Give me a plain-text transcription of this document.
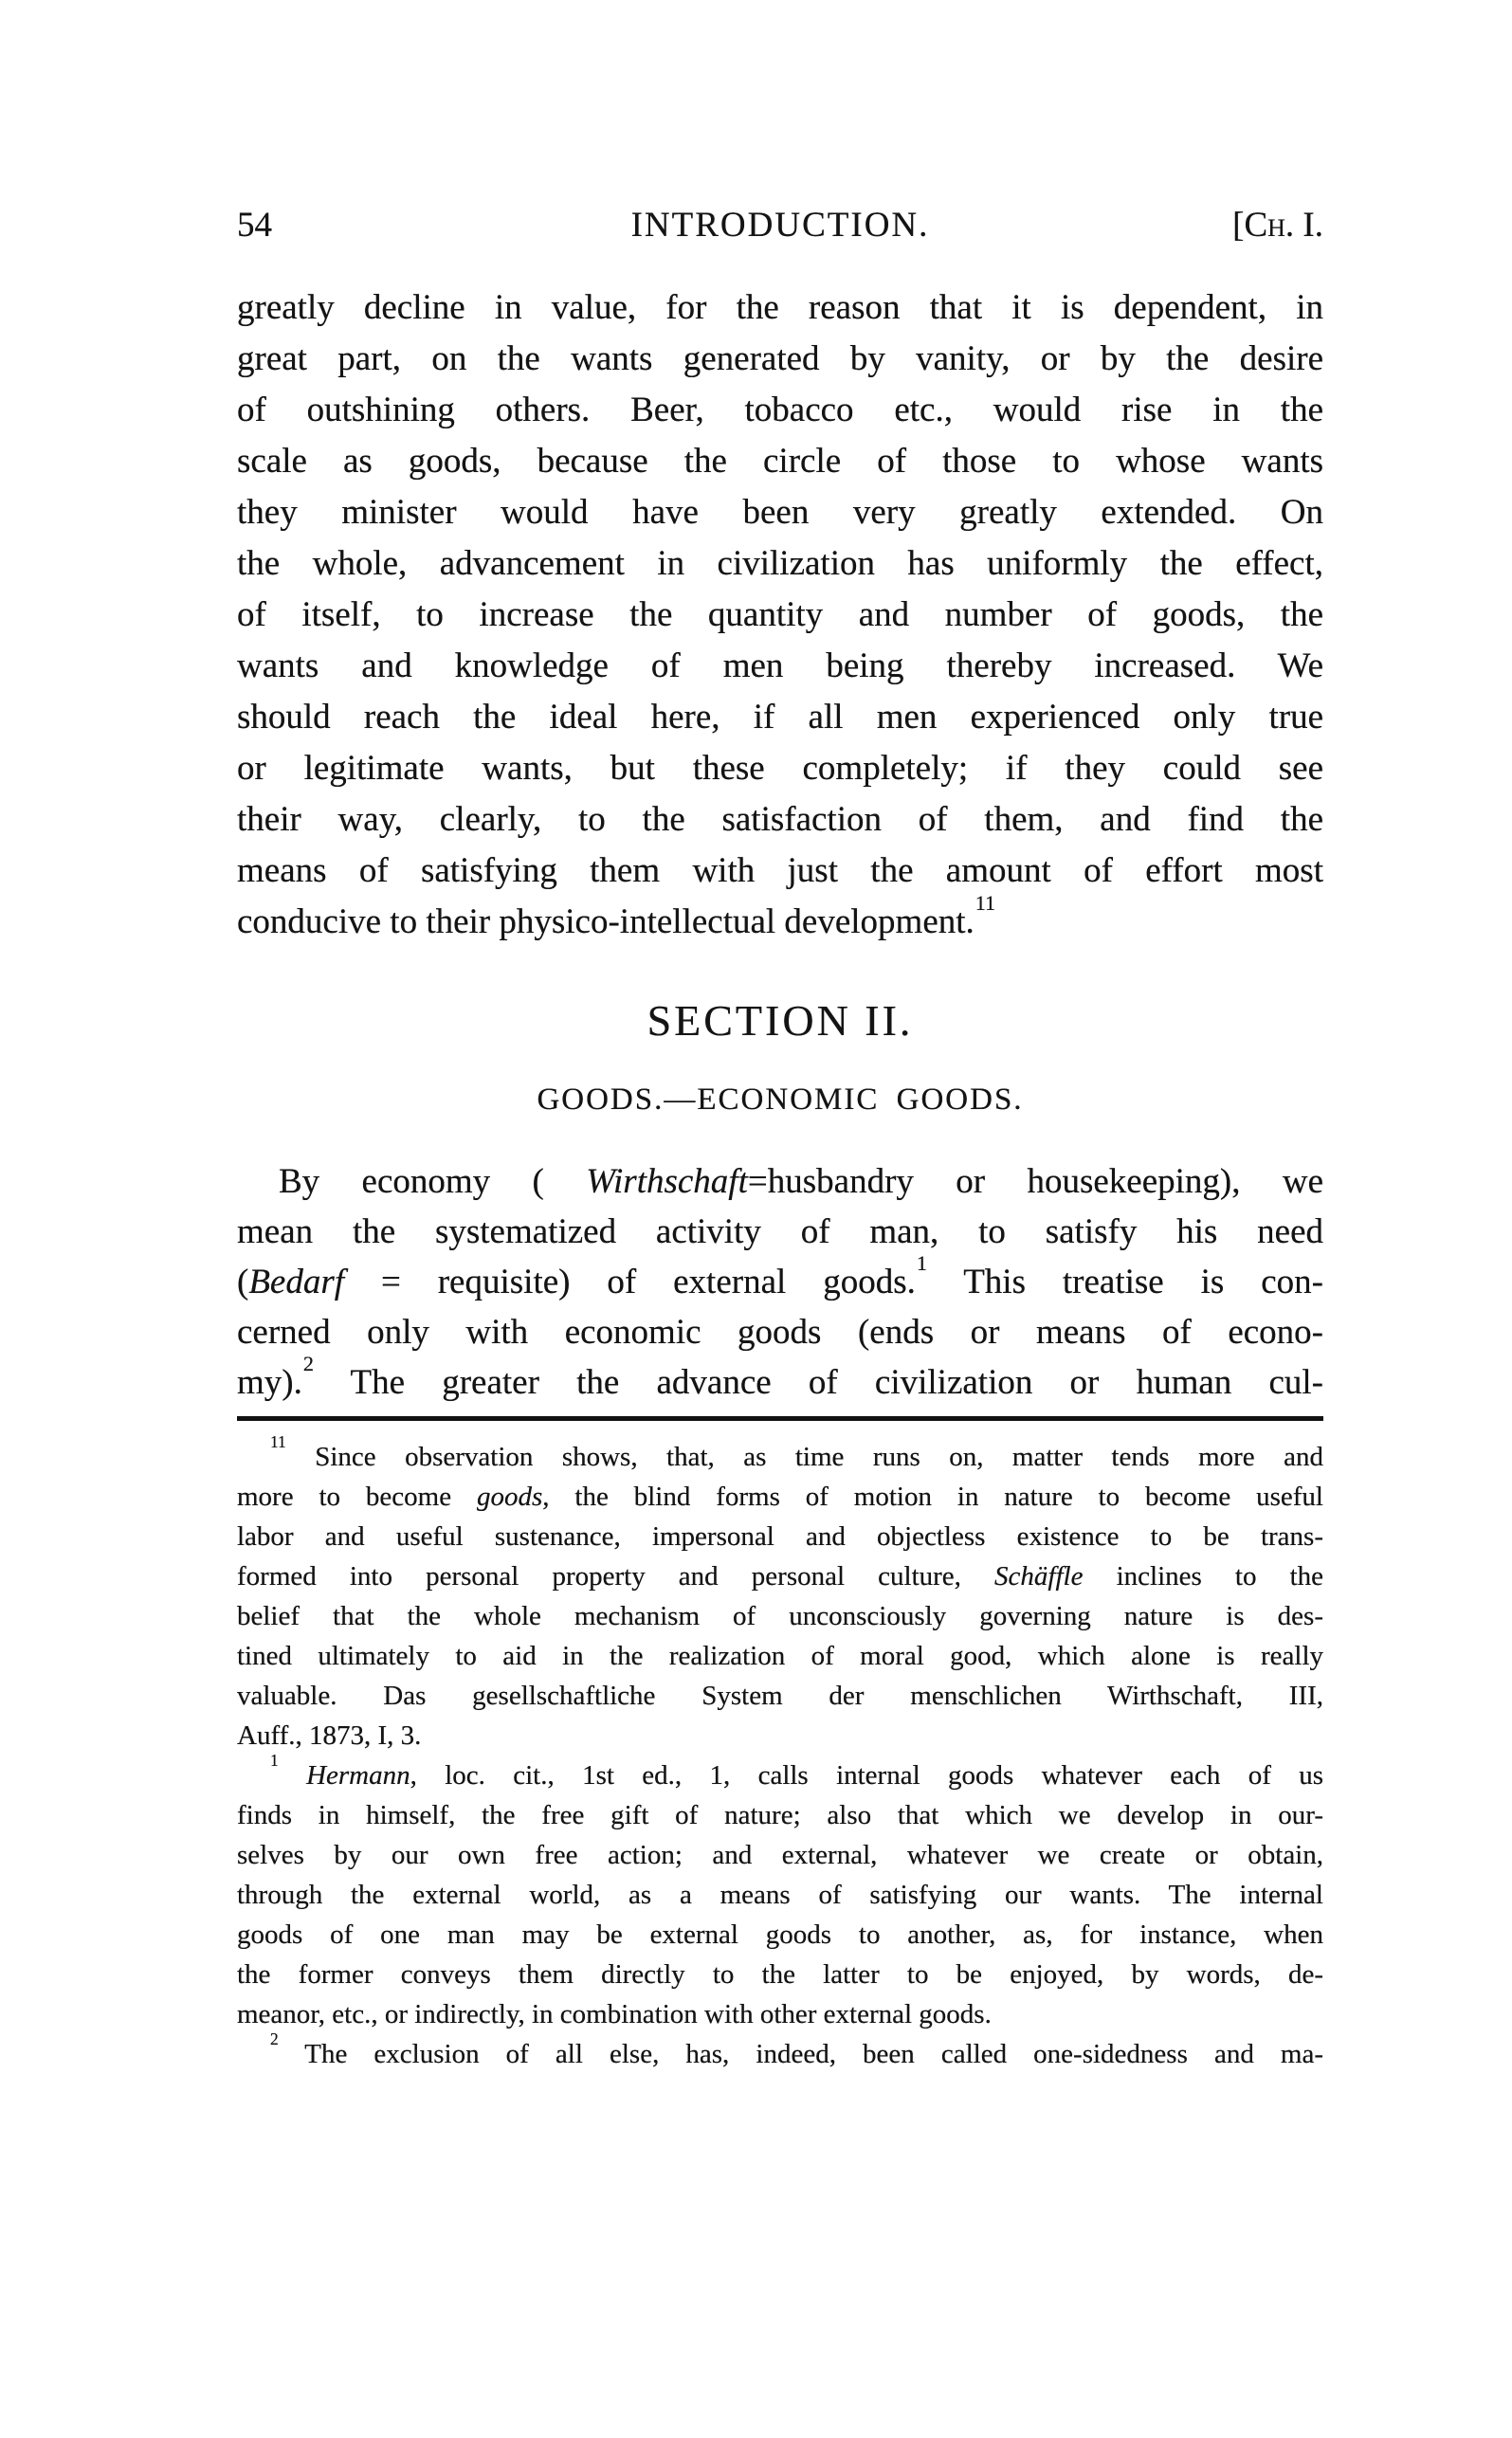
54	INTRODUCTION.	[Ch. I.
greatly decline in value, for the reason that it is dependent, in
great part, on the wants generated by vanity, or by the desire
of outshining others. Beer, tobacco etc., would rise in the
scale as goods, because the circle of those to whose wants
they minister would have been very greatly extended. On
the whole, advancement in civilization has uniformly the effect,
of itself, to increase the quantity and number of goods, the
wants and knowledge of men being thereby increased. We
should reach the ideal here, if all men experienced only true
or legitimate wants, but these completely; if they could see
their way, clearly, to the satisfaction of them, and find the
means of satisfying them with just the amount of effort most
conducive to their physico-intellectual development.$^{11}$
SECTION II.
GOODS.—ECONOMIC GOODS.
By economy ( Wirthschaft=husbandry or housekeeping), we
mean the systematized activity of man, to satisfy his need
(Bedarf = requisite) of external goods.$^1$ This treatise is con-
cerned only with economic goods (ends or means of econo-
my).$^2$ The greater the advance of civilization or human cul-
$^{11}$ Since observation shows, that, as time runs on, matter tends more and
more to become goods, the blind forms of motion in nature to become useful
labor and useful sustenance, impersonal and objectless existence to be trans-
formed into personal property and personal culture, Schäffle inclines to the
belief that the whole mechanism of unconsciously governing nature is des-
tined ultimately to aid in the realization of moral good, which alone is really
valuable. Das gesellschaftliche System der menschlichen Wirthschaft, III,
Auff., 1873, I, 3.
$^1$ Hermann, loc. cit., 1st ed., 1, calls internal goods whatever each of us
finds in himself, the free gift of nature; also that which we develop in our-
selves by our own free action; and external, whatever we create or obtain,
through the external world, as a means of satisfying our wants. The internal
goods of one man may be external goods to another, as, for instance, when
the former conveys them directly to the latter to be enjoyed, by words, de-
meanor, etc., or indirectly, in combination with other external goods.
$^2$ The exclusion of all else, has, indeed, been called one-sidedness and ma-
